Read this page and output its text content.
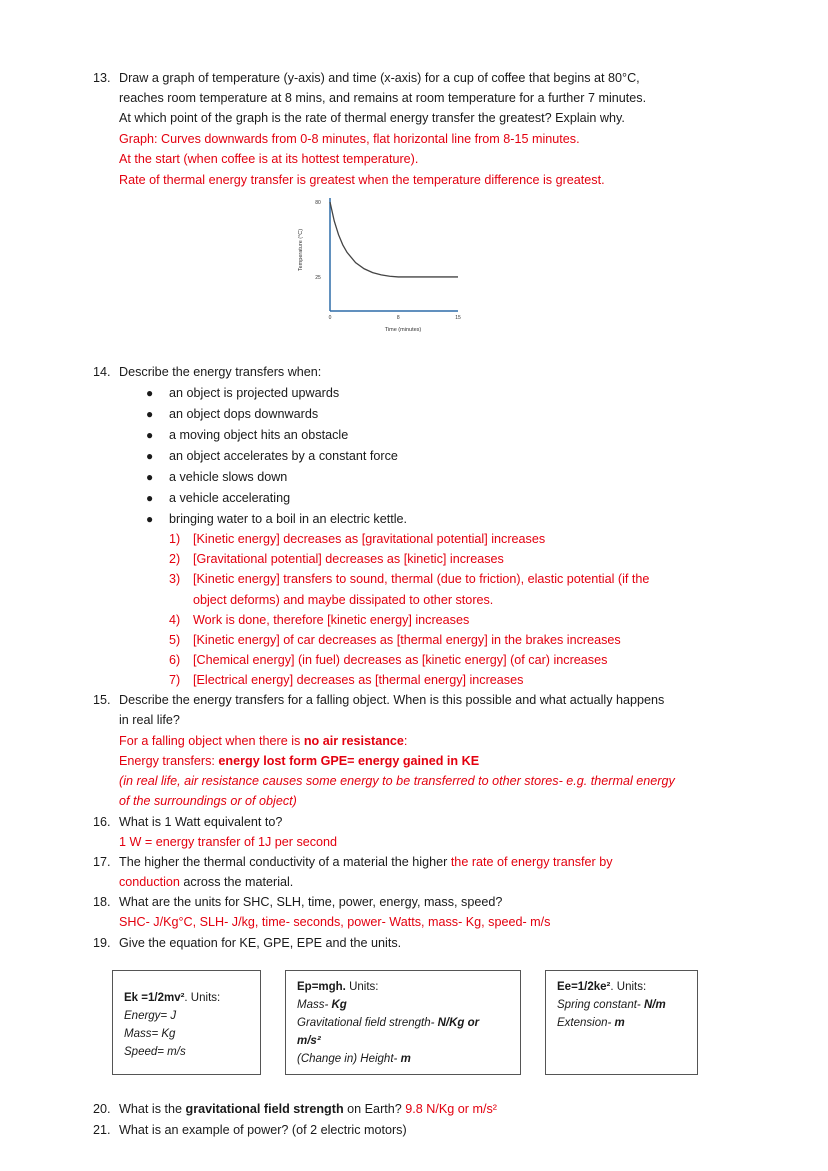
13. Draw a graph of temperature (y-axis) and time (x-axis) for a cup of coffee that begins at 80°C,
reaches room temperature at 8 mins, and remains at room temperature for a further 7 minutes.
At which point of the graph is the rate of thermal energy transfer the greatest? Explain why.
Graph: Curves downwards from 0-8 minutes, flat horizontal line from 8-15 minutes.
At the start (when coffee is at its hottest temperature).
Rate of thermal energy transfer is greatest when the temperature difference is greatest.
80
25
0	8	15
Time (minutes)
Temperature (°C)
14. Describe the energy transfers when:
● an object is projected upwards
● an object dops downwards
● a moving object hits an obstacle
● an object accelerates by a constant force
● a vehicle slows down
● a vehicle accelerating
● bringing water to a boil in an electric kettle.
1) [Kinetic energy] decreases as [gravitational potential] increases
2) [Gravitational potential] decreases as [kinetic] increases
3) [Kinetic energy] transfers to sound, thermal (due to friction), elastic potential (if the
object deforms) and maybe dissipated to other stores.
4) Work is done, therefore [kinetic energy] increases
5) [Kinetic energy] of car decreases as [thermal energy] in the brakes increases
6) [Chemical energy] (in fuel) decreases as [kinetic energy] (of car) increases
7) [Electrical energy] decreases as [thermal energy] increases
15. Describe the energy transfers for a falling object. When is this possible and what actually happens
in real life?
For a falling object when there is no air resistance:
Energy transfers: energy lost form GPE= energy gained in KE
(in real life, air resistance causes some energy to be transferred to other stores- e.g. thermal energy
of the surroundings or of object)
16. What is 1 Watt equivalent to?
1 W = energy transfer of 1J per second
17. The higher the thermal conductivity of a material the higher the rate of energy transfer by
conduction across the material.
18. What are the units for SHC, SLH, time, power, energy, mass, speed?
SHC- J/Kg°C, SLH- J/kg, time- seconds, power- Watts, mass- Kg, speed- m/s
19. Give the equation for KE, GPE, EPE and the units.
Ek =1/2mv². Units:
Energy= J
Mass= Kg
Speed= m/s
Ep=mgh. Units:
Mass- Kg
Gravitational field strength- N/Kg or
m/s²
(Change in) Height- m
Ee=1/2ke². Units:
Spring constant- N/m
Extension- m
20. What is the gravitational field strength on Earth? 9.8 N/Kg or m/s²
21. What is an example of power? (of 2 electric motors)
